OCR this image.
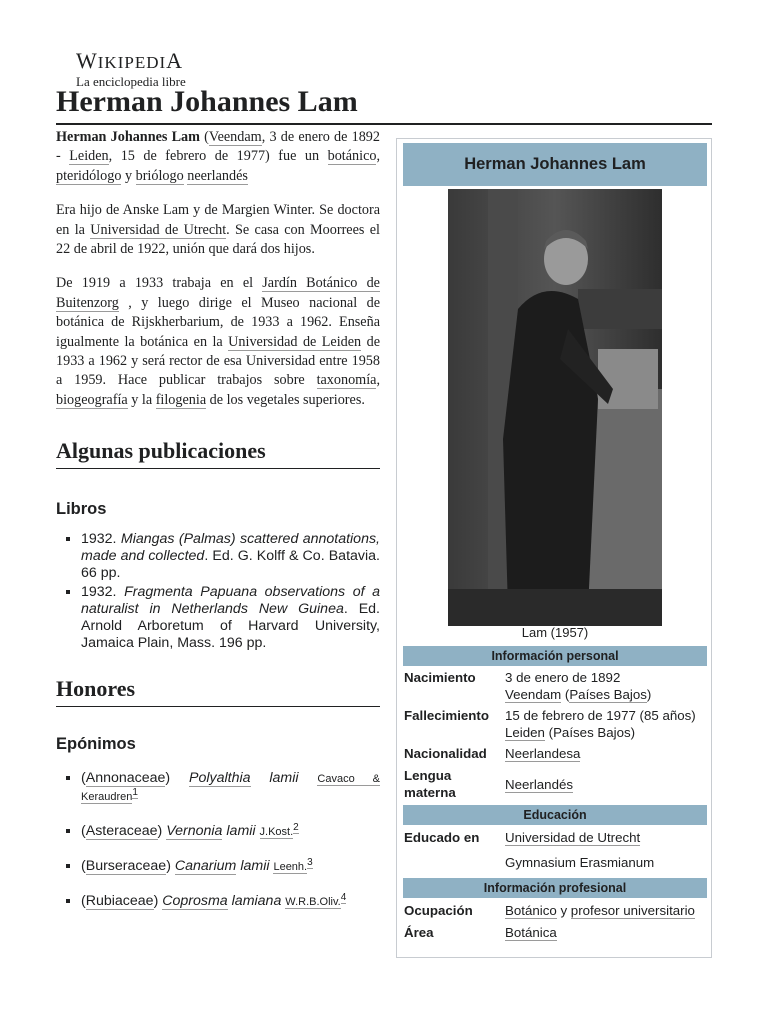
WIKIPEDIA
La enciclopedia libre
Herman Johannes Lam

Herman Johannes Lam (Veendam, 3 de enero de 1892 - Leiden, 15 de febrero de 1977) fue un botánico, pteridólogo y briólogo neerlandés

Era hijo de Anske Lam y de Margien Winter. Se doctora en la Universidad de Utrecht. Se casa con Moorrees el 22 de abril de 1922, unión que dará dos hijos.

De 1919 a 1933 trabaja en el Jardín Botánico de Buitenzorg , y luego dirige el Museo nacional de botánica de Rijskherbarium, de 1933 a 1962. Enseña igualmente la botánica en la Universidad de Leiden de 1933 a 1962 y será rector de esa Universidad entre 1958 a 1959. Hace publicar trabajos sobre taxonomía, biogeografía y la filogenia de los vegetales superiores.

Algunas publicaciones
Libros
▪ 1932. Miangas (Palmas) scattered annotations, made and collected. Ed. G. Kolff & Co. Batavia. 66 pp.
▪ 1932. Fragmenta Papuana observations of a naturalist in Netherlands New Guinea. Ed. Arnold Arboretum of Harvard University, Jamaica Plain, Mass. 196 pp.
Honores
Epónimos
▪ (Annonaceae) Polyalthia lamii Cavaco & Keraudren$^1$
▪ (Asteraceae) Vernonia lamii J.Kost.$^2$
▪ (Burseraceae) Canarium lamii Leenh.$^3$
▪ (Rubiaceae) Coprosma lamiana W.R.B.Oliv.$^4$
Herman Johannes Lam
Lam (1957)
Información personal
Nacimiento	3 de enero de 1892
Veendam (Países Bajos)
Fallecimiento	15 de febrero de 1977 (85 años)
Leiden (Países Bajos)
Nacionalidad	Neerlandesa
Lengua materna
Neerlandés
Educación
Educado en	Universidad de Utrecht
Gymnasium Erasmianum
Información profesional
Ocupación	Botánico y profesor universitario
Área	Botánica
